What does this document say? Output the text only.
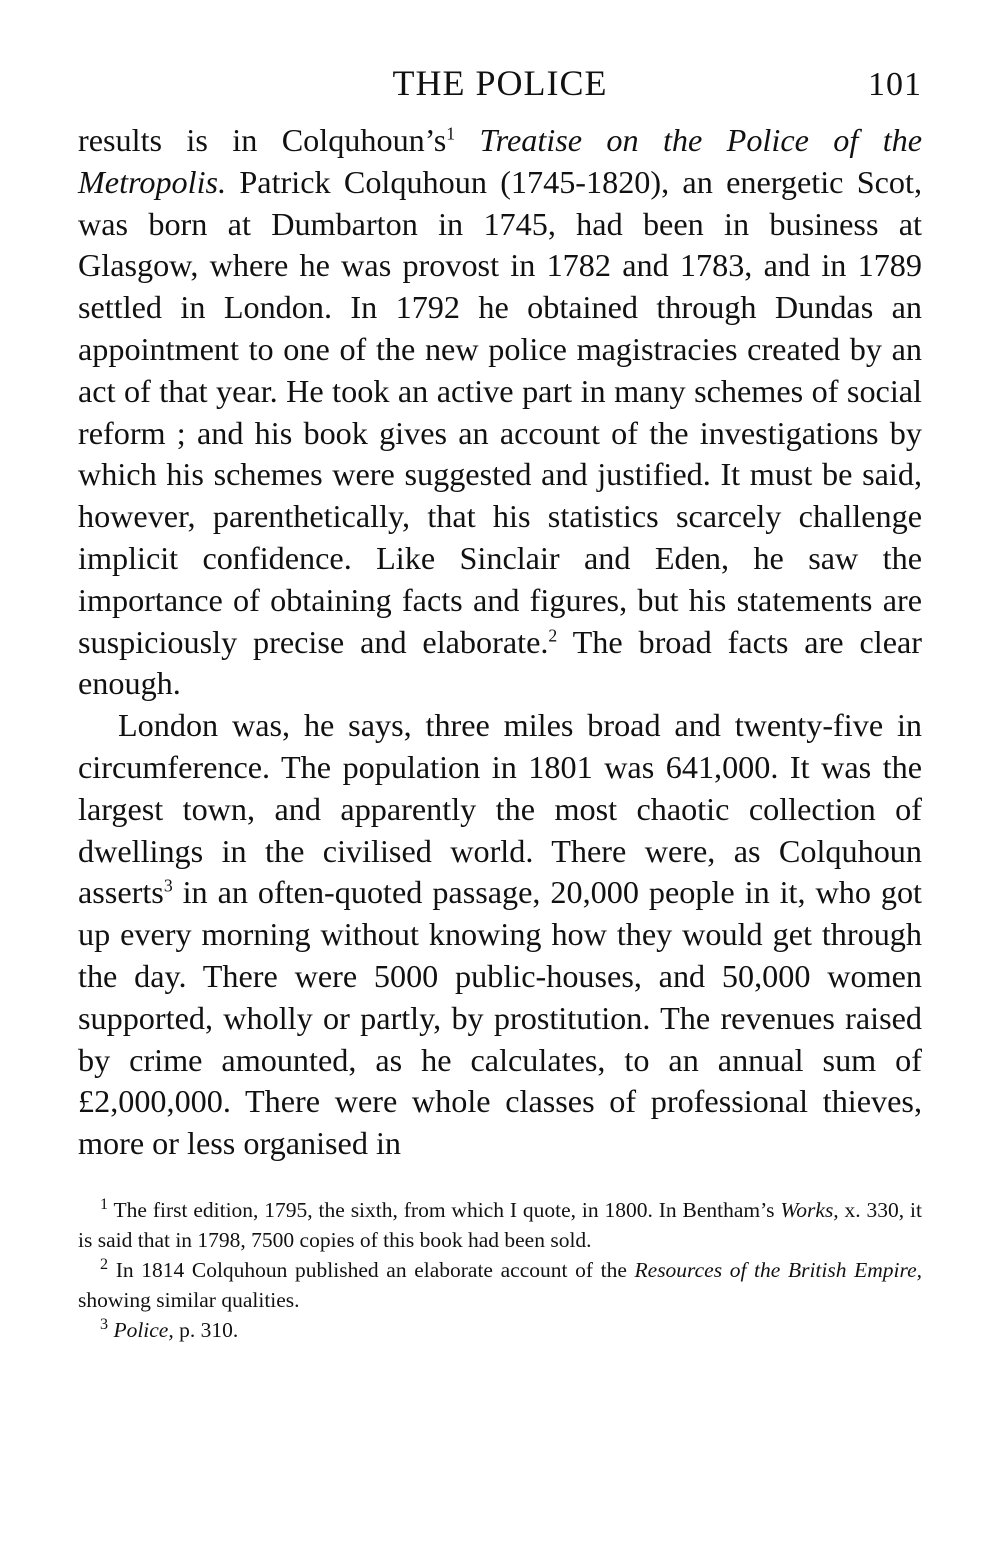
THE POLICE	101

results is in $Colquhoun’s^1$ Treatise on the Police of the Metropolis. Patrick Colquhoun (1745-1820), an energetic Scot, was born at Dumbarton in 1745, had been in business at Glasgow, where he was provost in 1782 and 1783, and in 1789 settled in London. In 1792 he obtained through Dundas an appointment to one of the new police magistracies created by an act of that year. He took an active part in many schemes of social reform ; and his book gives an account of the investigations by which his schemes were suggested and justified. It must be said, however, parenthetically, that his statistics scarcely challenge implicit confidence. Like Sinclair and Eden, he saw the importance of obtaining facts and figures, but his statements are suspiciously precise and elaborate.$^2$ The broad facts are clear enough.

London was, he says, three miles broad and twenty-five in circumference. The population in 1801 was 641,000. It was the largest town, and apparently the most chaotic collection of dwellings in the civilised world. There were, as Colquhoun asserts$^3$ in an often-quoted passage, 20,000 people in it, who got up every morning without knowing how they would get through the day. There were 5000 public-houses, and 50,000 women supported, wholly or partly, by prostitution. The revenues raised by crime amounted, as he calculates, to an annual sum of £2,000,000. There were whole classes of professional thieves, more or less organised in

$^1$ The first edition, 1795, the sixth, from which I quote, in 1800. In Bentham’s Works, x. 330, it is said that in 1798, 7500 copies of this book had been sold.

$^2$ In 1814 Colquhoun published an elaborate account of the Resources of the British Empire, showing similar qualities.

$^3$ Police, p. 310.
